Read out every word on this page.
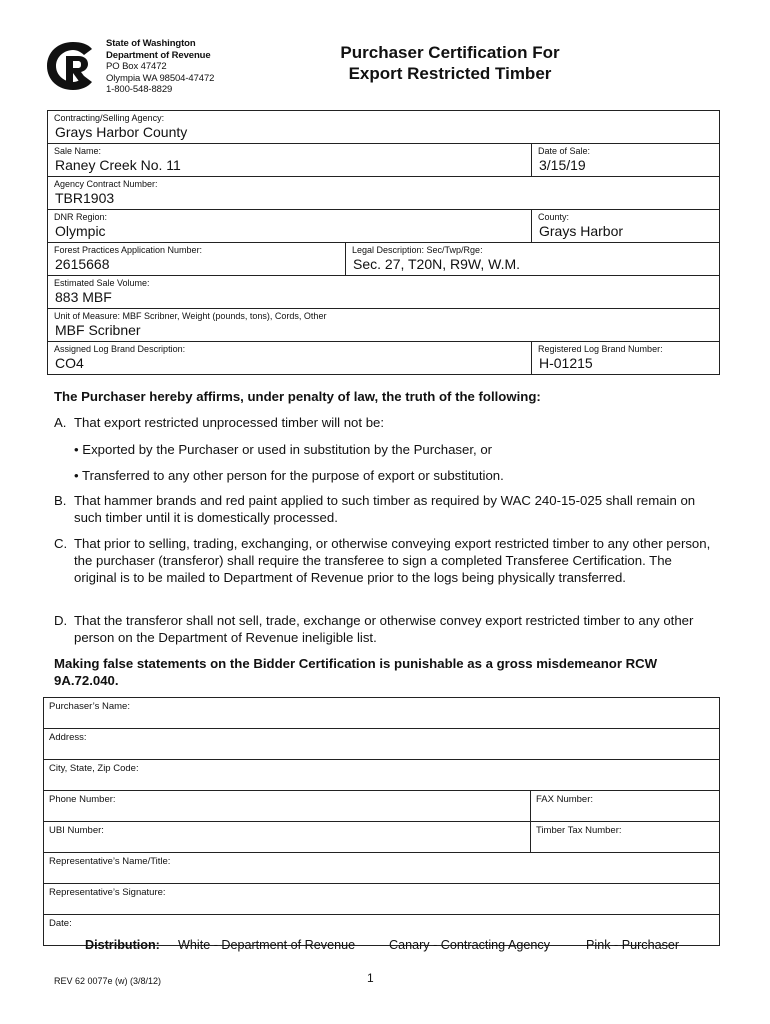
State of Washington
Department of Revenue
PO Box 47472
Olympia WA 98504-47472
1-800-548-8829
Purchaser Certification For
Export Restricted Timber
Contracting/Selling Agency:
Grays Harbor County		

Sale Name:
Raney Creek No. 11		Date of Sale:
3/15/19

Agency Contract Number:
TBR1903		

DNR Region:
Olympic		County:
Grays Harbor

Forest Practices Application Number:
2615668	Legal Description: Sec/Twp/Rge:
Sec. 27, T20N, R9W, W.M.	

Estimated Sale Volume:
883 MBF		

Unit of Measure: MBF Scribner, Weight (pounds, tons), Cords, Other
MBF Scribner		

Assigned Log Brand Description:
CO4		Registered Log Brand Number:
H-01215
The Purchaser hereby affirms, under penalty of law, the truth of the following:
A. That export restricted unprocessed timber will not be:
• Exported by the Purchaser or used in substitution by the Purchaser, or
• Transferred to any other person for the purpose of export or substitution.
B. That hammer brands and red paint applied to such timber as required by WAC 240-15-025 shall remain on such timber until it is domestically processed.
C. That prior to selling, trading, exchanging, or otherwise conveying export restricted timber to any other person, the purchaser (transferor) shall require the transferee to sign a completed Transferee Certification. The original is to be mailed to Department of Revenue prior to the logs being physically transferred.
D. That the transferor shall not sell, trade, exchange or otherwise convey export restricted timber to any other person on the Department of Revenue ineligible list.
Making false statements on the Bidder Certification is punishable as a gross misdemeanor RCW 9A.72.040.
Purchaser’s Name:	
Address:	
City, State, Zip Code:	
Phone Number:	FAX Number:
UBI Number:	Timber Tax Number:
Representative’s Name/Title:	
Representative’s Signature:	
Date:	
Distribution: White - Department of Revenue	Canary - Contracting Agency	Pink - Purchaser
REV 62 0077e (w) (3/8/12)	1
